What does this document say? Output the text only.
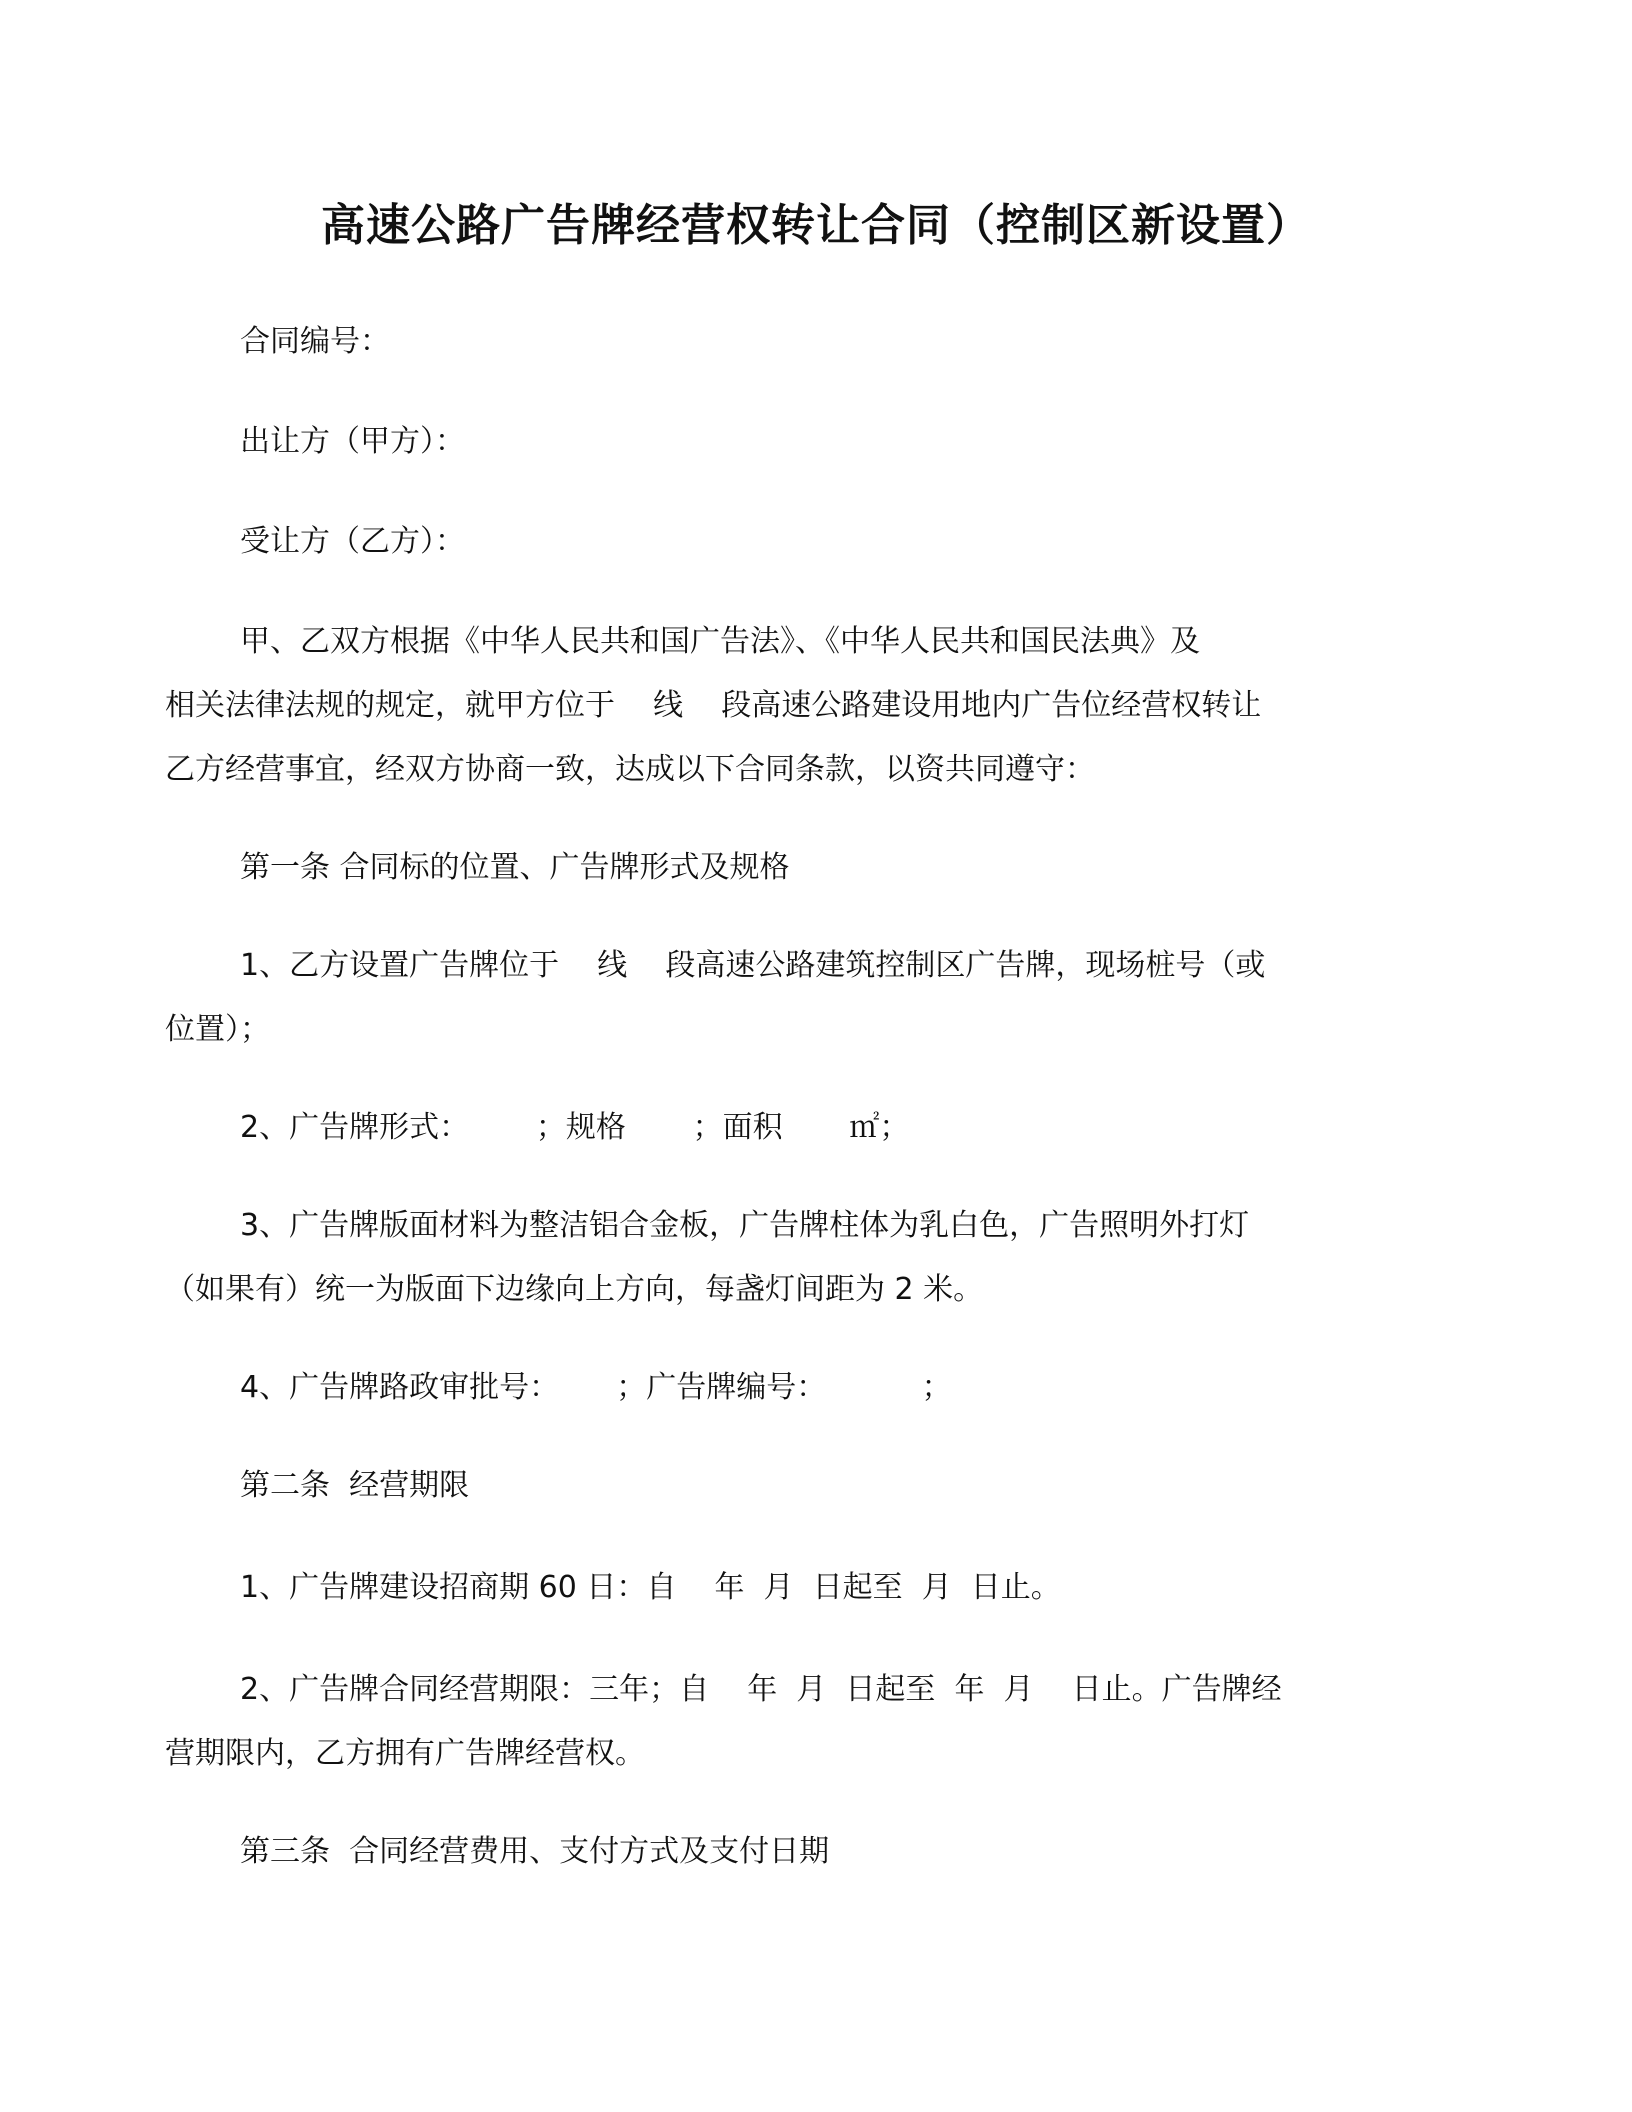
高速公路广告牌经营权转让合同（控制区新设置）
合同编号：
出让方（甲方）：
受让方（乙方）：
甲、乙双方根据《中华人民共和国广告法》、《中华人民共和国民法典》及
相关法律法规的规定，就甲方位于    线    段高速公路建设用地内广告位经营权转让
乙方经营事宜，经双方协商一致，达成以下合同条款，以资共同遵守：
第一条 合同标的位置、广告牌形式及规格
1、乙方设置广告牌位于    线    段高速公路建筑控制区广告牌，现场桩号（或
位置）；
2、广告牌形式：       ；规格       ；面积       ㎡；
3、广告牌版面材料为整洁铝合金板，广告牌柱体为乳白色，广告照明外打灯
（如果有）统一为版面下边缘向上方向，每盏灯间距为 2 米。
4、广告牌路政审批号：      ；广告牌编号：          ；
第二条  经营期限
1、广告牌建设招商期 60 日：自    年  月  日起至  月  日止。
2、广告牌合同经营期限：三年；自    年  月  日起至  年  月    日止。广告牌经
营期限内，乙方拥有广告牌经营权。
第三条  合同经营费用、支付方式及支付日期
